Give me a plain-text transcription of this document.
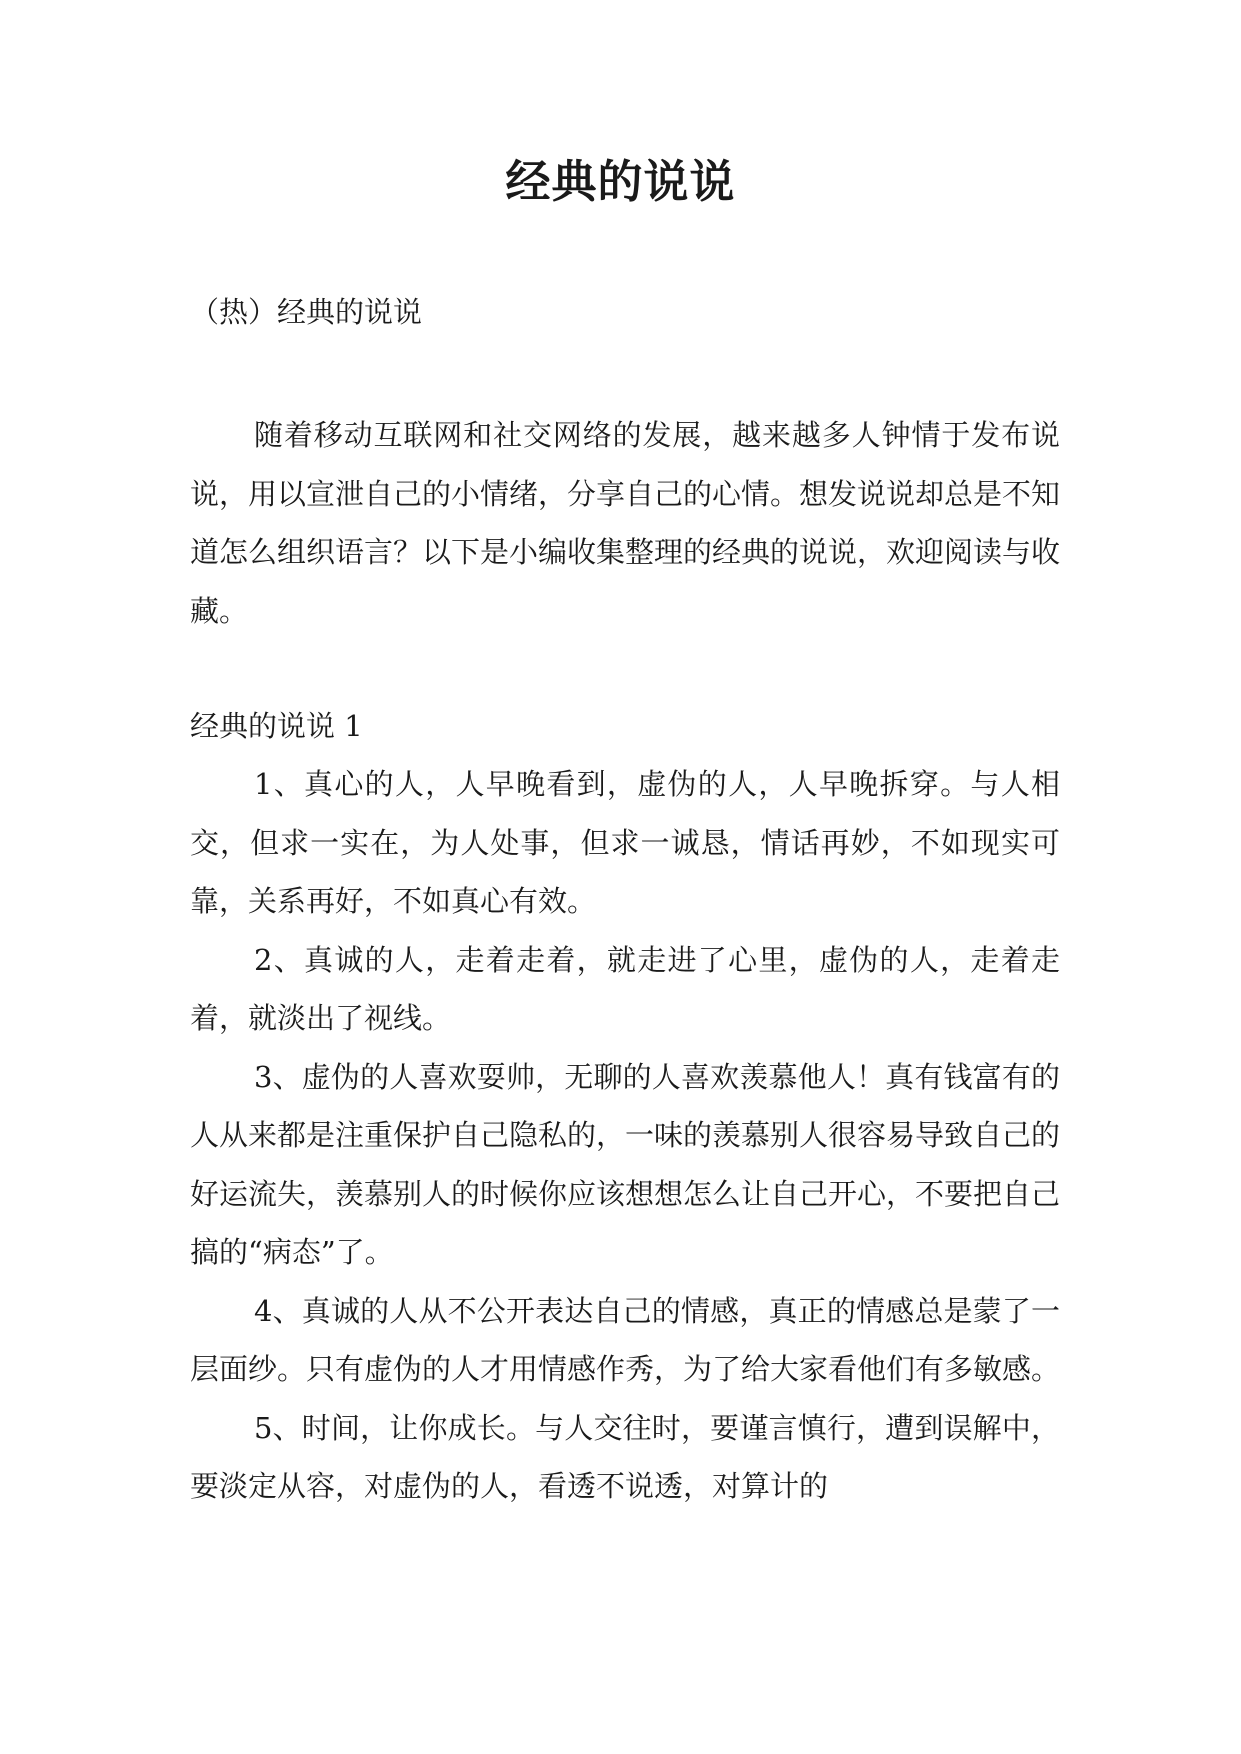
经典的说说
（热）经典的说说

随着移动互联网和社交网络的发展，越来越多人钟情于发布说说，用以宣泄自己的小情绪，分享自己的心情。想发说说却总是不知道怎么组织语言？以下是小编收集整理的经典的说说，欢迎阅读与收藏。

经典的说说 1

1、真心的人，人早晚看到，虚伪的人，人早晚拆穿。与人相交，但求一实在，为人处事，但求一诚恳，情话再妙，不如现实可靠，关系再好，不如真心有效。

2、真诚的人，走着走着，就走进了心里，虚伪的人，走着走着，就淡出了视线。

3、虚伪的人喜欢耍帅，无聊的人喜欢羡慕他人！真有钱富有的人从来都是注重保护自己隐私的，一味的羡慕别人很容易导致自己的好运流失，羡慕别人的时候你应该想想怎么让自己开心，不要把自己搞的“病态”了。

4、真诚的人从不公开表达自己的情感，真正的情感总是蒙了一层面纱。只有虚伪的人才用情感作秀，为了给大家看他们有多敏感。

5、时间，让你成长。与人交往时，要谨言慎行，遭到误解中，要淡定从容，对虚伪的人，看透不说透，对算计的
